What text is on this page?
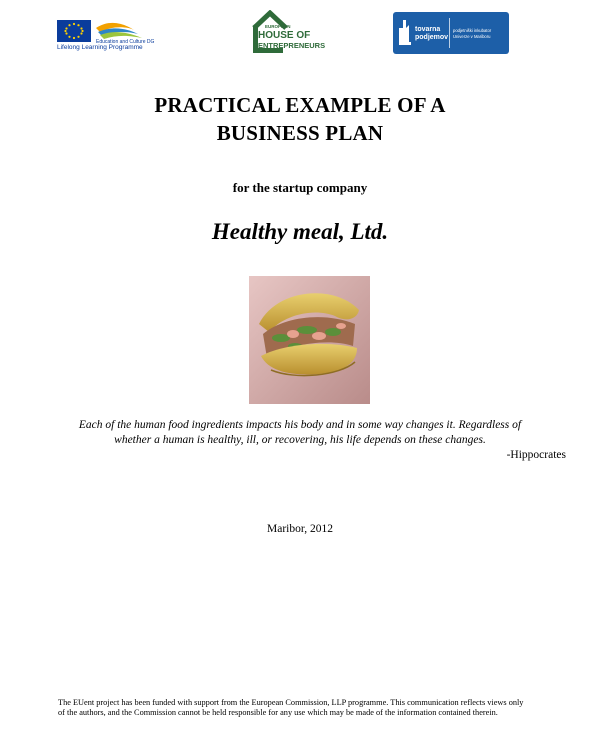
Education and Culture DG
Lifelong Learning Programme
EUROPEAN
HOUSE OF
ENTREPRENEURS
tovarna
podjemov
podjetniški inkubator
Univerze v Mariboru
PRACTICAL EXAMPLE OF A
BUSINESS PLAN
for the startup company
Healthy meal, Ltd.
Each of the human food ingredients impacts his body and in some way changes it. Regardless of
whether a human is healthy, ill, or recovering, his life depends on these changes.
-Hippocrates
Maribor, 2012
The EUent project has been funded with support from the European Commission, LLP programme. This communication reflects views only
of the authors, and the Commission cannot be held responsible for any use which may be made of the information contained therein.
